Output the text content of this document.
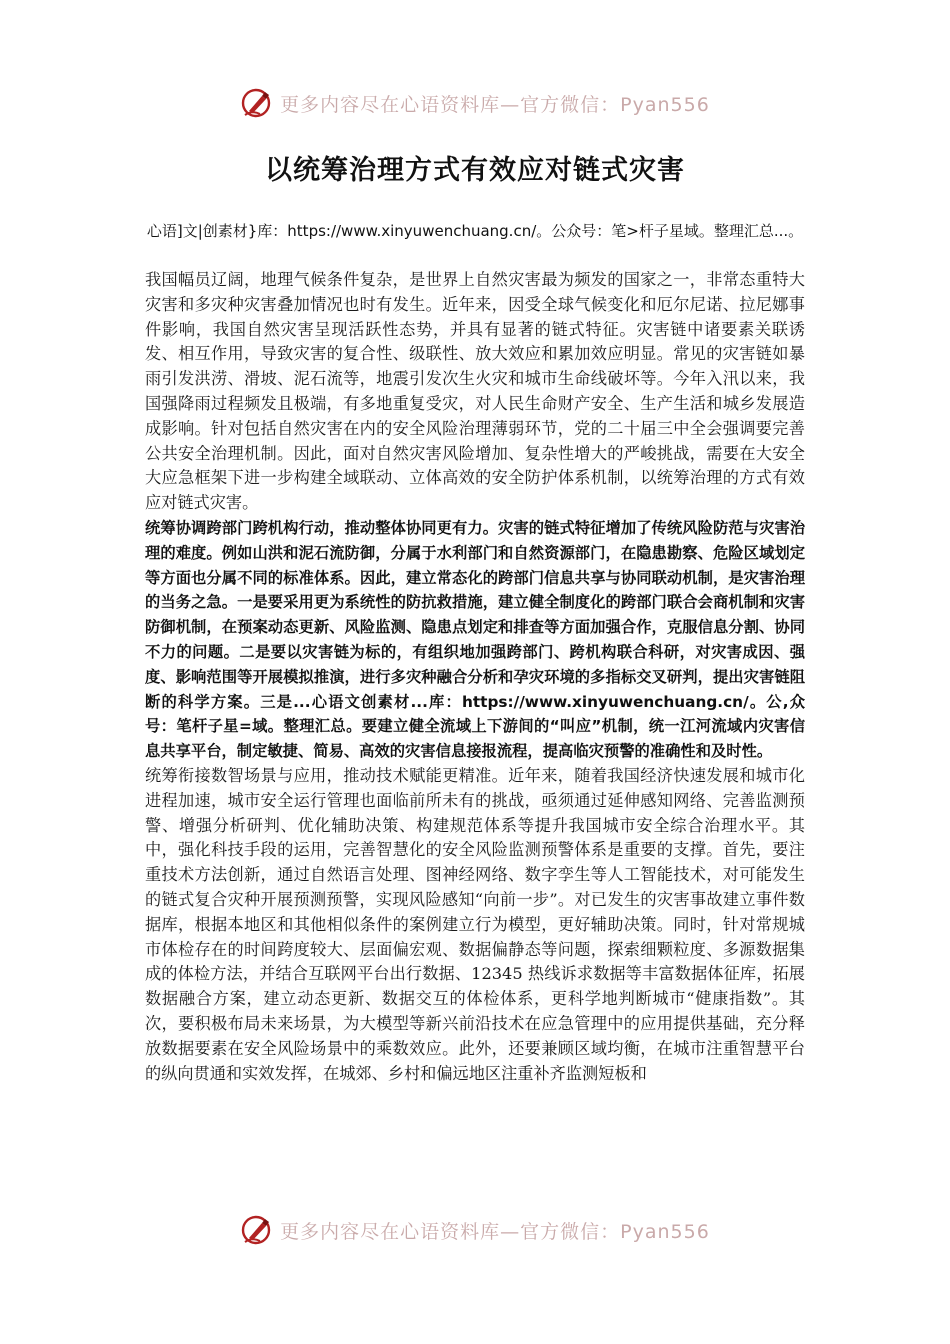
更多内容尽在心语资料库—官方微信：Pyan556
以统筹治理方式有效应对链式灾害
心语]文|创素材}库：https://www.xinyuwenchuang.cn/。公众号：笔>杆子星域。整理汇总...。

我国幅员辽阔，地理气候条件复杂，是世界上自然灾害最为频发的国家之一，非常态重特大灾害和多灾种灾害叠加情况也时有发生。近年来，因受全球气候变化和厄尔尼诺、拉尼娜事件影响，我国自然灾害呈现活跃性态势，并具有显著的链式特征。灾害链中诸要素关联诱发、相互作用，导致灾害的复合性、级联性、放大效应和累加效应明显。常见的灾害链如暴雨引发洪涝、滑坡、泥石流等，地震引发次生火灾和城市生命线破坏等。今年入汛以来，我国强降雨过程频发且极端，有多地重复受灾，对人民生命财产安全、生产生活和城乡发展造成影响。针对包括自然灾害在内的安全风险治理薄弱环节，党的二十届三中全会强调要完善公共安全治理机制。因此，面对自然灾害风险增加、复杂性增大的严峻挑战，需要在大安全大应急框架下进一步构建全域联动、立体高效的安全防护体系机制，以统筹治理的方式有效应对链式灾害。

统筹协调跨部门跨机构行动，推动整体协同更有力。灾害的链式特征增加了传统风险防范与灾害治理的难度。例如山洪和泥石流防御，分属于水利部门和自然资源部门，在隐患勘察、危险区域划定等方面也分属不同的标准体系。因此，建立常态化的跨部门信息共享与协同联动机制，是灾害治理的当务之急。一是要采用更为系统性的防抗救措施，建立健全制度化的跨部门联合会商机制和灾害防御机制，在预案动态更新、风险监测、隐患点划定和排查等方面加强合作，克服信息分割、协同不力的问题。二是要以灾害链为标的，有组织地加强跨部门、跨机构联合科研，对灾害成因、强度、影响范围等开展模拟推演，进行多灾种融合分析和孕灾环境的多指标交叉研判，提出灾害链阻断的科学方案。三是...心语文创素材...库：https://www.xinyuwenchuang.cn/。公,众号：笔杆子星=域。整理汇总。要建立健全流域上下游间的“叫应”机制，统一江河流域内灾害信息共享平台，制定敏捷、简易、高效的灾害信息接报流程，提高临灾预警的准确性和及时性。

统筹衔接数智场景与应用，推动技术赋能更精准。近年来，随着我国经济快速发展和城市化进程加速，城市安全运行管理也面临前所未有的挑战，亟须通过延伸感知网络、完善监测预警、增强分析研判、优化辅助决策、构建规范体系等提升我国城市安全综合治理水平。其中，强化科技手段的运用，完善智慧化的安全风险监测预警体系是重要的支撑。首先，要注重技术方法创新，通过自然语言处理、图神经网络、数字孪生等人工智能技术，对可能发生的链式复合灾种开展预测预警，实现风险感知“向前一步”。对已发生的灾害事故建立事件数据库，根据本地区和其他相似条件的案例建立行为模型，更好辅助决策。同时，针对常规城市体检存在的时间跨度较大、层面偏宏观、数据偏静态等问题，探索细颗粒度、多源数据集成的体检方法，并结合互联网平台出行数据、12345 热线诉求数据等丰富数据体征库，拓展数据融合方案，建立动态更新、数据交互的体检体系，更科学地判断城市“健康指数”。其次，要积极布局未来场景，为大模型等新兴前沿技术在应急管理中的应用提供基础，充分释放数据要素在安全风险场景中的乘数效应。此外，还要兼顾区域均衡，在城市注重智慧平台的纵向贯通和实效发挥，在城郊、乡村和偏远地区注重补齐监测短板和

更多内容尽在心语资料库—官方微信：Pyan556
